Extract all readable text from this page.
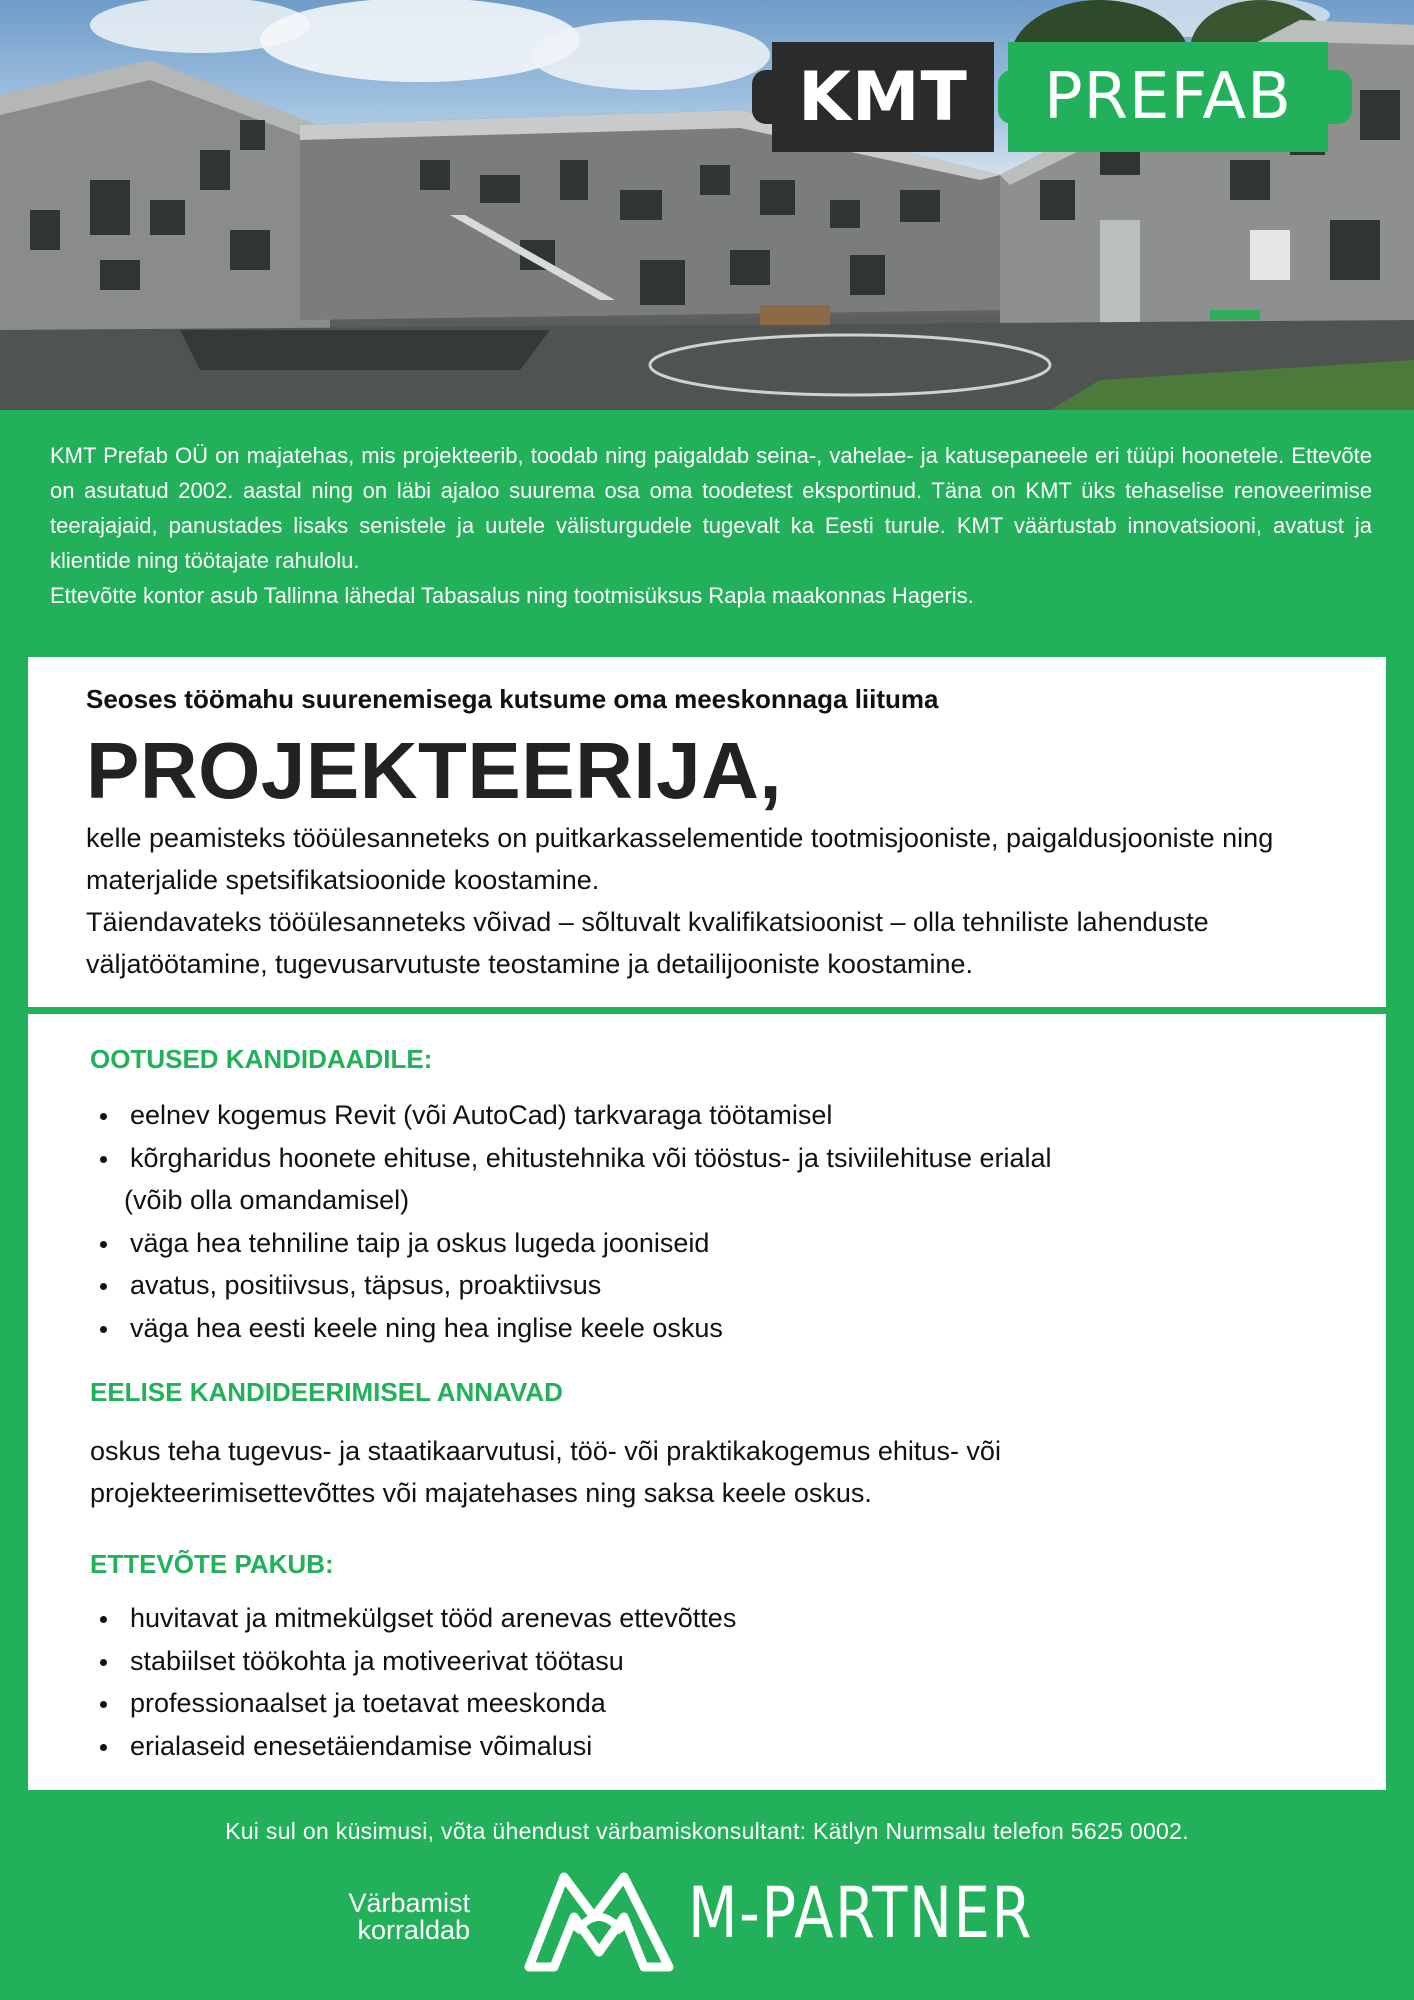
KMT	PREFAB

KMT Prefab OÜ on majatehas, mis projekteerib, toodab ning paigaldab seina-, vahelae- ja katusepaneele eri tüüpi hoonetele. Ettevõte on asutatud 2002. aastal ning on läbi ajaloo suurema osa oma toodetest eksportinud. Täna on KMT üks tehaselise renoveerimise teerajajaid, panustades lisaks senistele ja uutele välisturgudele tugevalt ka Eesti turule. KMT väärtustab innovatsiooni, avatust ja klientide ning töötajate rahulolu.

Ettevõtte kontor asub Tallinna lähedal Tabasalus ning tootmisüksus Rapla maakonnas Hageris.

Seoses töömahu suurenemisega kutsume oma meeskonnaga liituma
PROJEKTEERIJA,

kelle peamisteks tööülesanneteks on puitkarkasselementide tootmisjooniste, paigaldusjooniste ning materjalide spetsifikatsioonide koostamine.

Täiendavateks tööülesanneteks võivad – sõltuvalt kvalifikatsioonist – olla tehniliste lahenduste väljatöötamine, tugevusarvutuste teostamine ja detailijooniste koostamine.

OOTUSED KANDIDAADILE:
eelnev kogemus Revit (või AutoCad) tarkvaraga töötamisel
kõrgharidus hoonete ehituse, ehitustehnika või tööstus- ja tsiviilehituse erialal
(võib olla omandamisel)
väga hea tehniline taip ja oskus lugeda jooniseid
avatus, positiivsus, täpsus, proaktiivsus
väga hea eesti keele ning hea inglise keele oskus
EELISE KANDIDEERIMISEL ANNAVAD

oskus teha tugevus- ja staatikaarvutusi, töö- või praktikakogemus ehitus- või projekteerimisettevõttes või majatehases ning saksa keele oskus.

ETTEVÕTE PAKUB:
huvitavat ja mitmekülgset tööd arenevas ettevõttes
stabiilset töökohta ja motiveerivat töötasu
professionaalset ja toetavat meeskonda
erialaseid enesetäiendamise võimalusi
Kui sul on küsimusi, võta ühendust värbamiskonsultant: Kätlyn Nurmsalu telefon 5625 0002.
Värbamist
korraldab	M-PARTNER
